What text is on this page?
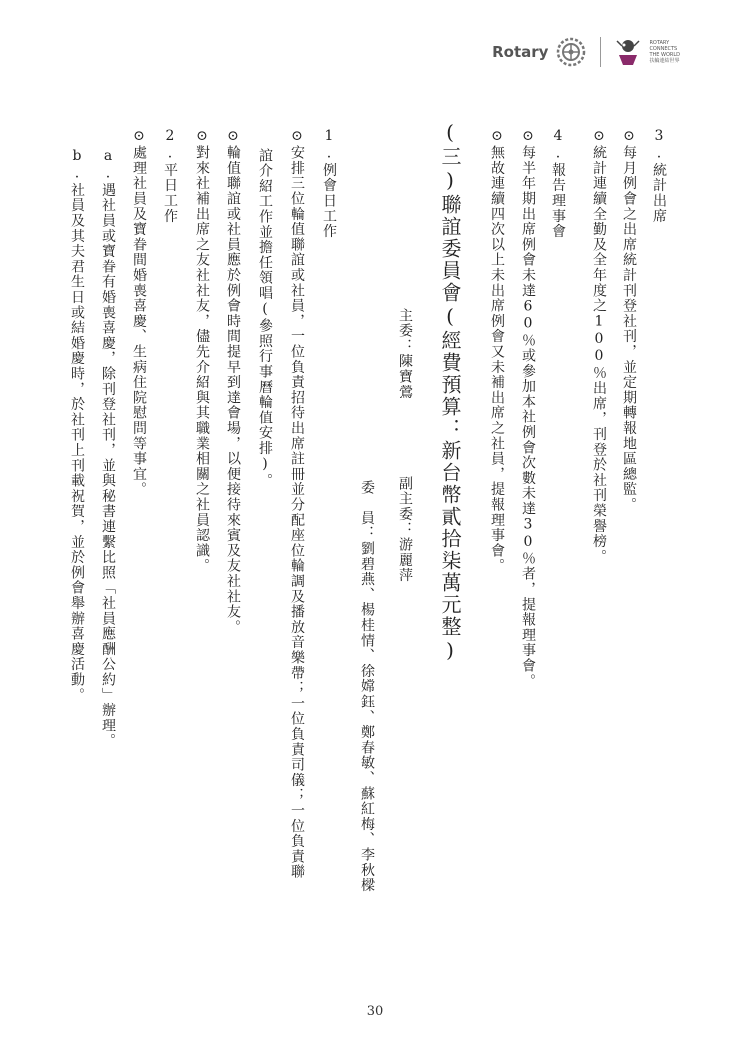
Rotary	ROTARY
CONNECTS
THE WORLD
扶輪連結世界
3.統計出席
⊙每月例會之出席統計刊登社刊，並定期轉報地區總監。
⊙統計連續全勤及全年度之100％出席，刊登於社刊榮譽榜。
4.報告理事會
⊙每半年期出席例會未達60％或參加本社例會次數未達30％者，提報理事會。
⊙無故連續四次以上未出席例會又未補出席之社員，提報理事會。
(三)聯誼委員會(經費預算：新台幣貳拾柒萬元整)
主委：陳寶鶯
副主委：游麗萍
委　員：劉碧燕、楊桂情、徐嫦鈺、鄭春敏、蘇紅梅、李秋樑
1.例會日工作
⊙安排三位輪值聯誼或社員，一位負責招待出席註冊並分配座位輪調及播放音樂帶；一位負責司儀；一位負責聯
誼介紹工作並擔任領唱(參照行事曆輪值安排)。
⊙輪值聯誼或社員應於例會時間提早到達會場，以便接待來賓及友社社友。
⊙對來社補出席之友社社友，儘先介紹與其職業相關之社員認識。
2.平日工作
⊙處理社員及寶眷間婚喪喜慶、生病住院慰問等事宜。
a.遇社員或寶眷有婚喪喜慶，除刊登社刊，並與秘書連繫比照「社員應酬公約」辦理。
b.社員及其夫君生日或結婚慶時，於社刊上刊載祝賀，並於例會舉辦喜慶活動。
30
